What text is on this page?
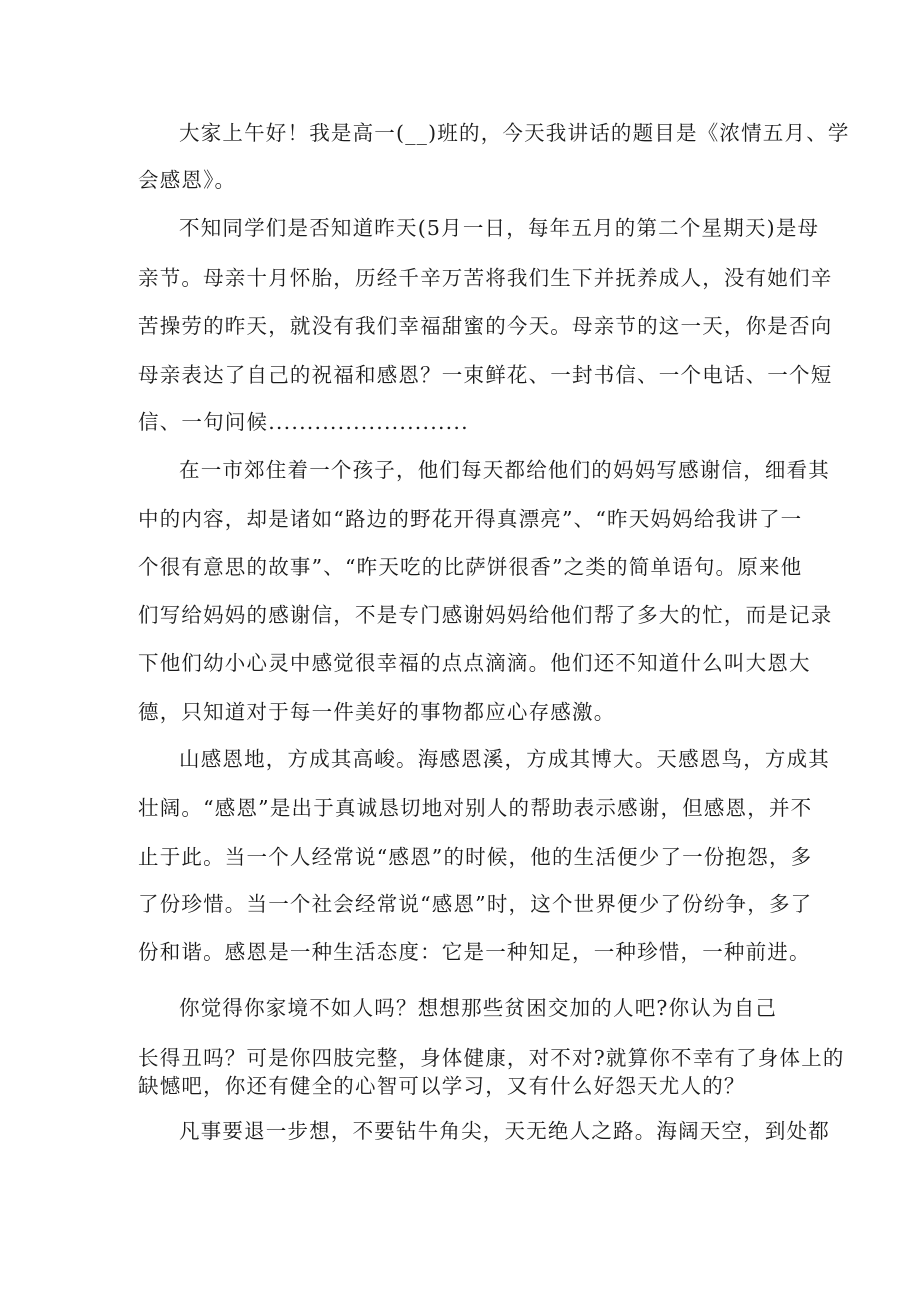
大家上午好！我是高一(__)班的，今天我讲话的题目是《浓情五月、学
会感恩》。
不知同学们是否知道昨天(5月一日，每年五月的第二个星期天)是母
亲节。母亲十月怀胎，历经千辛万苦将我们生下并抚养成人，没有她们辛
苦操劳的昨天，就没有我们幸福甜蜜的今天。母亲节的这一天，你是否向
母亲表达了自己的祝福和感恩？一束鲜花、一封书信、一个电话、一个短
信、一句问候..........................
在一市郊住着一个孩子，他们每天都给他们的妈妈写感谢信，细看其
中的内容，却是诸如“路边的野花开得真漂亮”、“昨天妈妈给我讲了一
个很有意思的故事”、“昨天吃的比萨饼很香”之类的简单语句。原来他
们写给妈妈的感谢信，不是专门感谢妈妈给他们帮了多大的忙，而是记录
下他们幼小心灵中感觉很幸福的点点滴滴。他们还不知道什么叫大恩大
德，只知道对于每一件美好的事物都应心存感激。
山感恩地，方成其高峻。海感恩溪，方成其博大。天感恩鸟，方成其
壮阔。“感恩”是出于真诚恳切地对别人的帮助表示感谢，但感恩，并不
止于此。当一个人经常说“感恩”的时候，他的生活便少了一份抱怨，多
了份珍惜。当一个社会经常说“感恩”时，这个世界便少了份纷争，多了
份和谐。感恩是一种生活态度：它是一种知足，一种珍惜，一种前进。
你觉得你家境不如人吗？想想那些贫困交加的人吧?你认为自己
长得丑吗？可是你四肢完整，身体健康，对不对?就算你不幸有了身体上的
缺憾吧，你还有健全的心智可以学习，又有什么好怨天尤人的？
凡事要退一步想，不要钻牛角尖，天无绝人之路。海阔天空，到处都
